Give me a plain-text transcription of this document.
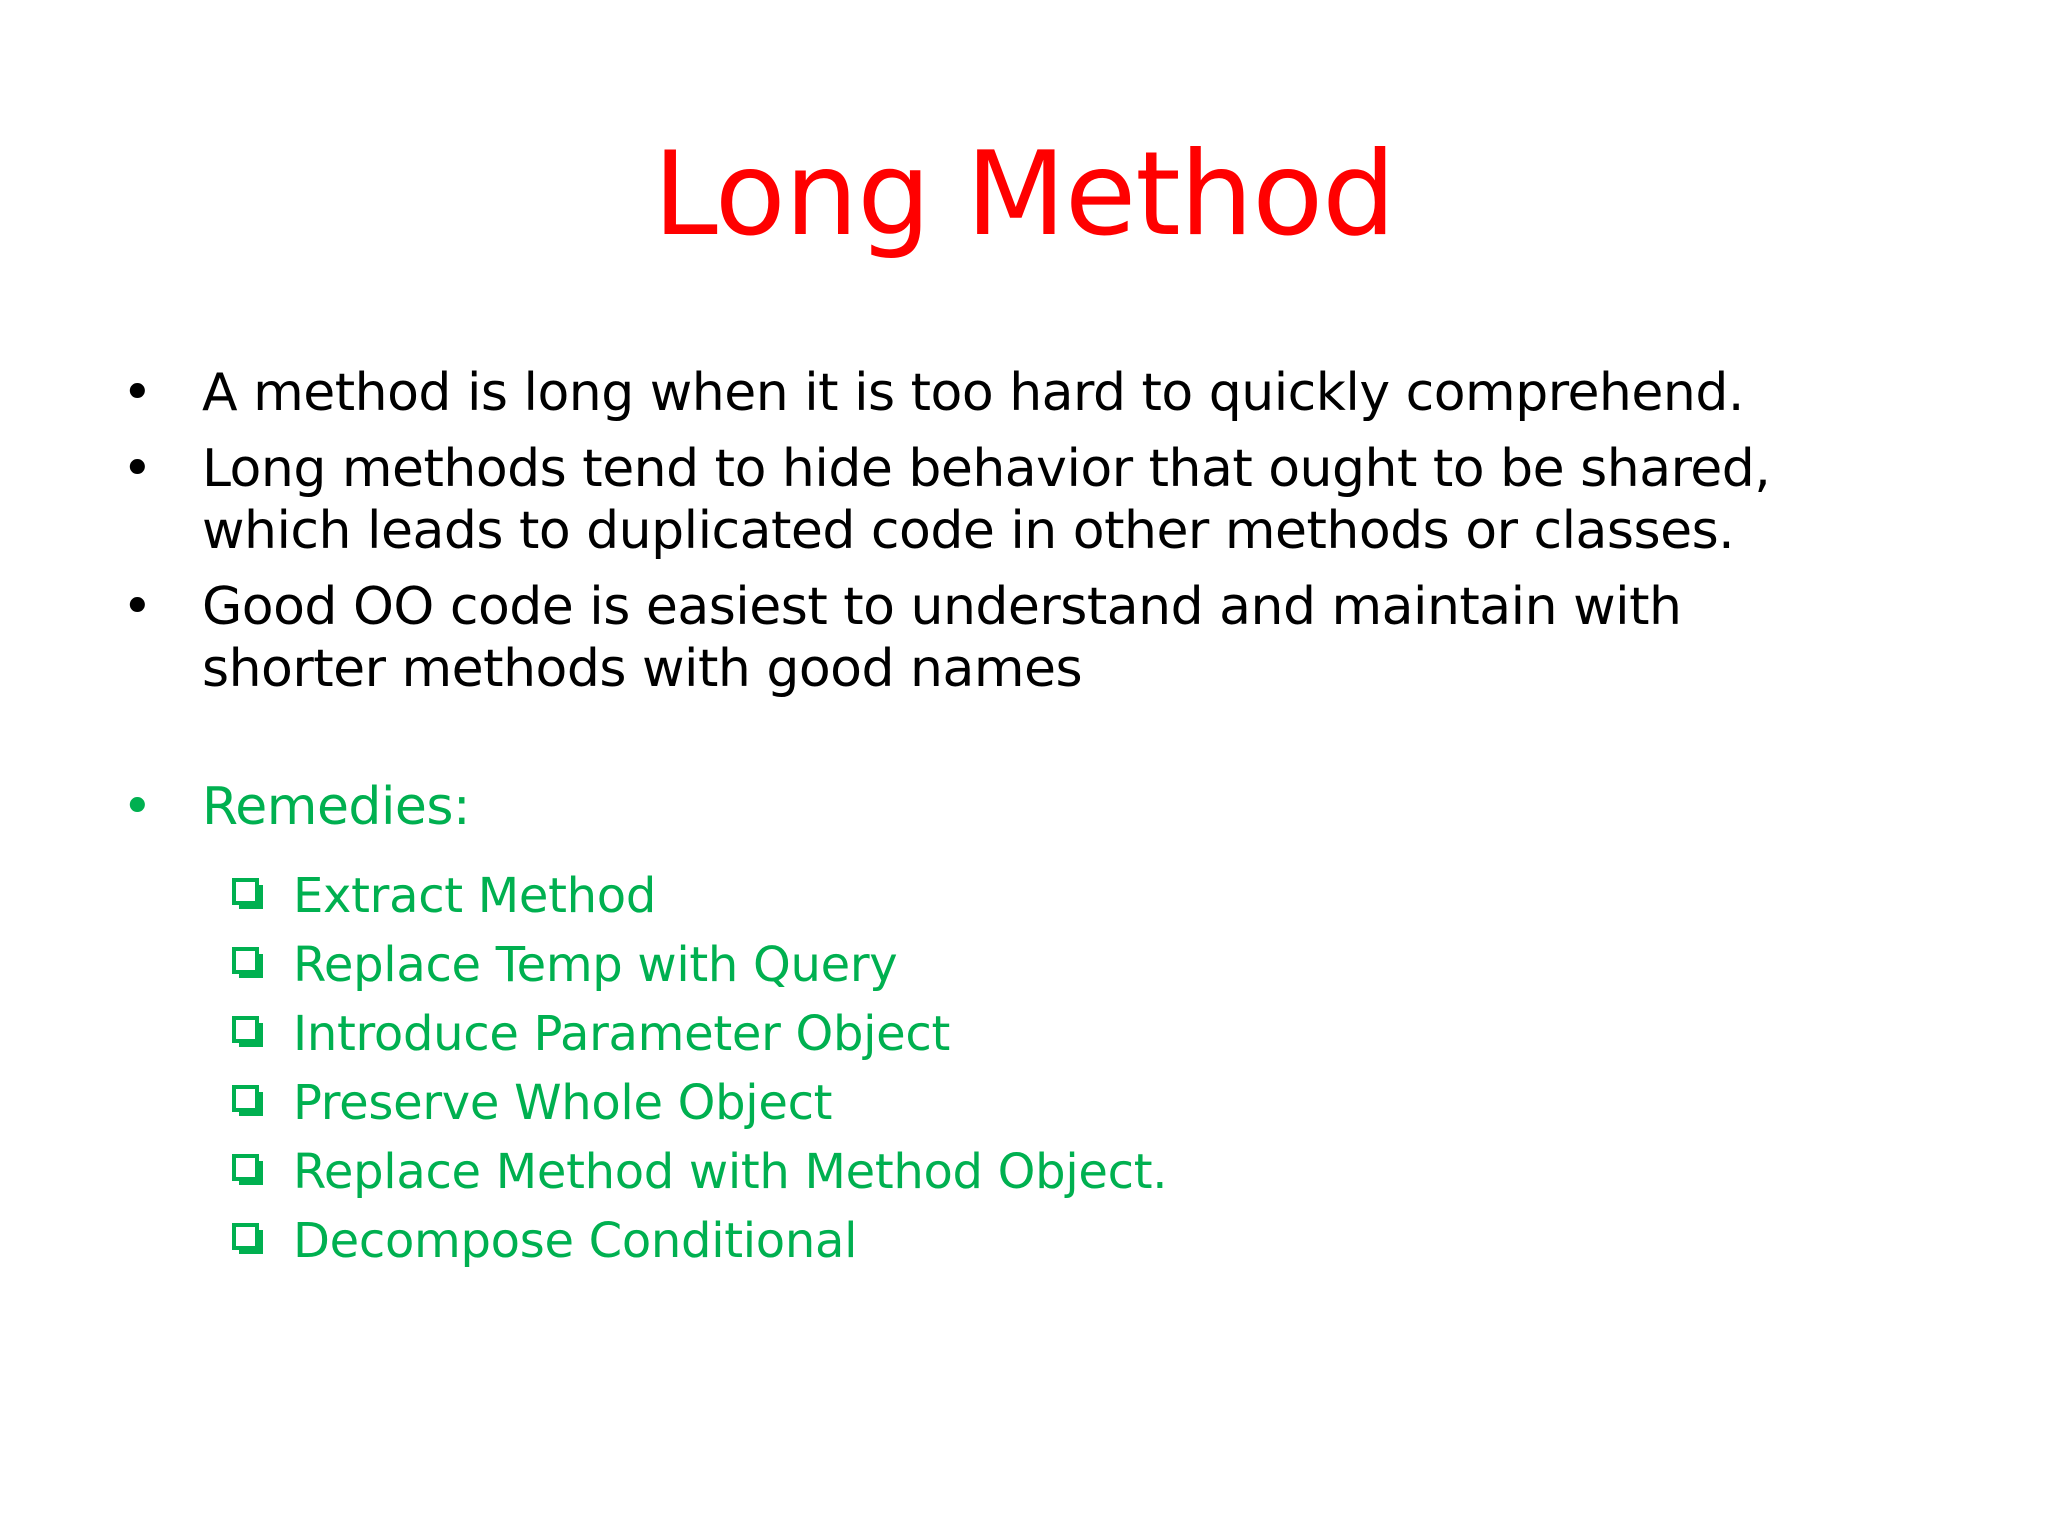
Long Method
• A method is long when it is too hard to quickly comprehend.
• Long methods tend to hide behavior that ought to be shared,
which leads to duplicated code in other methods or classes.
• Good OO code is easiest to understand and maintain with
shorter methods with good names
• Remedies:
Extract Method
Replace Temp with Query
Introduce Parameter Object
Preserve Whole Object
Replace Method with Method Object.
Decompose Conditional
